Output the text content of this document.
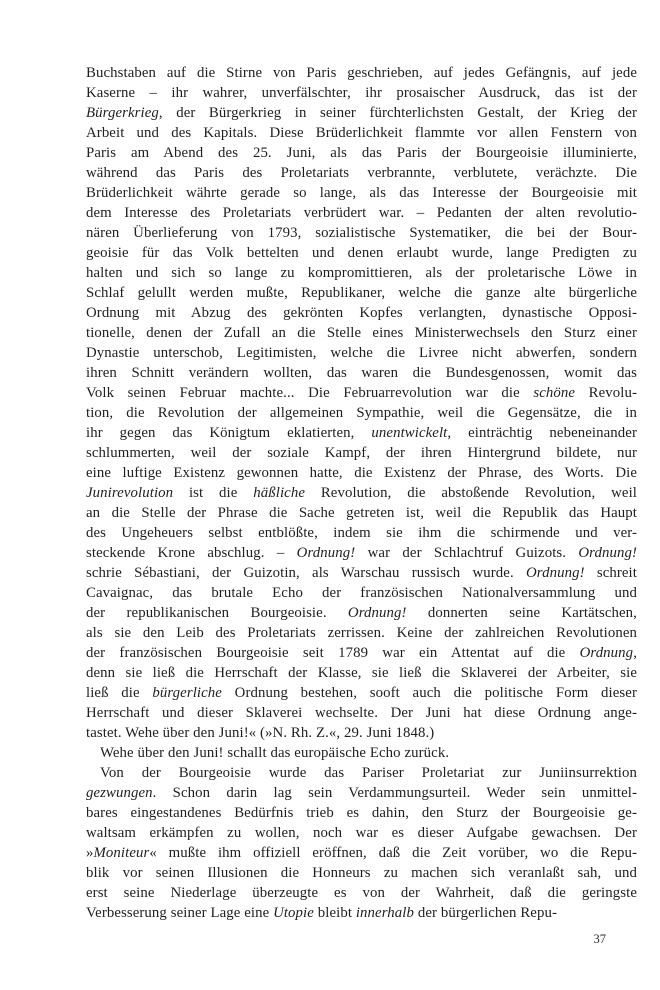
Buchstaben auf die Stirne von Paris geschrieben, auf jedes Gefängnis, auf jede
Kaserne – ihr wahrer, unverfälschter, ihr prosaischer Ausdruck, das ist der
Bürgerkrieg, der Bürgerkrieg in seiner fürchterlichsten Gestalt, der Krieg der
Arbeit und des Kapitals. Diese Brüderlichkeit flammte vor allen Fenstern von
Paris am Abend des 25. Juni, als das Paris der Bourgeoisie illuminierte,
während das Paris des Proletariats verbrannte, verblutete, verächzte. Die
Brüderlichkeit währte gerade so lange, als das Interesse der Bourgeoisie mit
dem Interesse des Proletariats verbrüdert war. – Pedanten der alten revolutio-
nären Überlieferung von 1793, sozialistische Systematiker, die bei der Bour-
geoisie für das Volk bettelten und denen erlaubt wurde, lange Predigten zu
halten und sich so lange zu kompromittieren, als der proletarische Löwe in
Schlaf gelullt werden mußte, Republikaner, welche die ganze alte bürgerliche
Ordnung mit Abzug des gekrönten Kopfes verlangten, dynastische Opposi-
tionelle, denen der Zufall an die Stelle eines Ministerwechsels den Sturz einer
Dynastie unterschob, Legitimisten, welche die Livree nicht abwerfen, sondern
ihren Schnitt verändern wollten, das waren die Bundesgenossen, womit das
Volk seinen Februar machte... Die Februarrevolution war die schöne Revolu-
tion, die Revolution der allgemeinen Sympathie, weil die Gegensätze, die in
ihr gegen das Königtum eklatierten, unentwickelt, einträchtig nebeneinander
schlummerten, weil der soziale Kampf, der ihren Hintergrund bildete, nur
eine luftige Existenz gewonnen hatte, die Existenz der Phrase, des Worts. Die
Junirevolution ist die häßliche Revolution, die abstoßende Revolution, weil
an die Stelle der Phrase die Sache getreten ist, weil die Republik das Haupt
des Ungeheuers selbst entblößte, indem sie ihm die schirmende und ver-
steckende Krone abschlug. – Ordnung! war der Schlachtruf Guizots. Ordnung!
schrie Sébastiani, der Guizotin, als Warschau russisch wurde. Ordnung! schreit
Cavaignac, das brutale Echo der französischen Nationalversammlung und
der republikanischen Bourgeoisie. Ordnung! donnerten seine Kartätschen,
als sie den Leib des Proletariats zerrissen. Keine der zahlreichen Revolutionen
der französischen Bourgeoisie seit 1789 war ein Attentat auf die Ordnung,
denn sie ließ die Herrschaft der Klasse, sie ließ die Sklaverei der Arbeiter, sie
ließ die bürgerliche Ordnung bestehen, sooft auch die politische Form dieser
Herrschaft und dieser Sklaverei wechselte. Der Juni hat diese Ordnung ange-
tastet. Wehe über den Juni!« (»N. Rh. Z.«, 29. Juni 1848.)
Wehe über den Juni! schallt das europäische Echo zurück.
Von der Bourgeoisie wurde das Pariser Proletariat zur Juniinsurrektion
gezwungen. Schon darin lag sein Verdammungsurteil. Weder sein unmittel-
bares eingestandenes Bedürfnis trieb es dahin, den Sturz der Bourgeoisie ge-
waltsam erkämpfen zu wollen, noch war es dieser Aufgabe gewachsen. Der
»Moniteur« mußte ihm offiziell eröffnen, daß die Zeit vorüber, wo die Repu-
blik vor seinen Illusionen die Honneurs zu machen sich veranlaßt sah, und
erst seine Niederlage überzeugte es von der Wahrheit, daß die geringste
Verbesserung seiner Lage eine Utopie bleibt innerhalb der bürgerlichen Repu-
37
